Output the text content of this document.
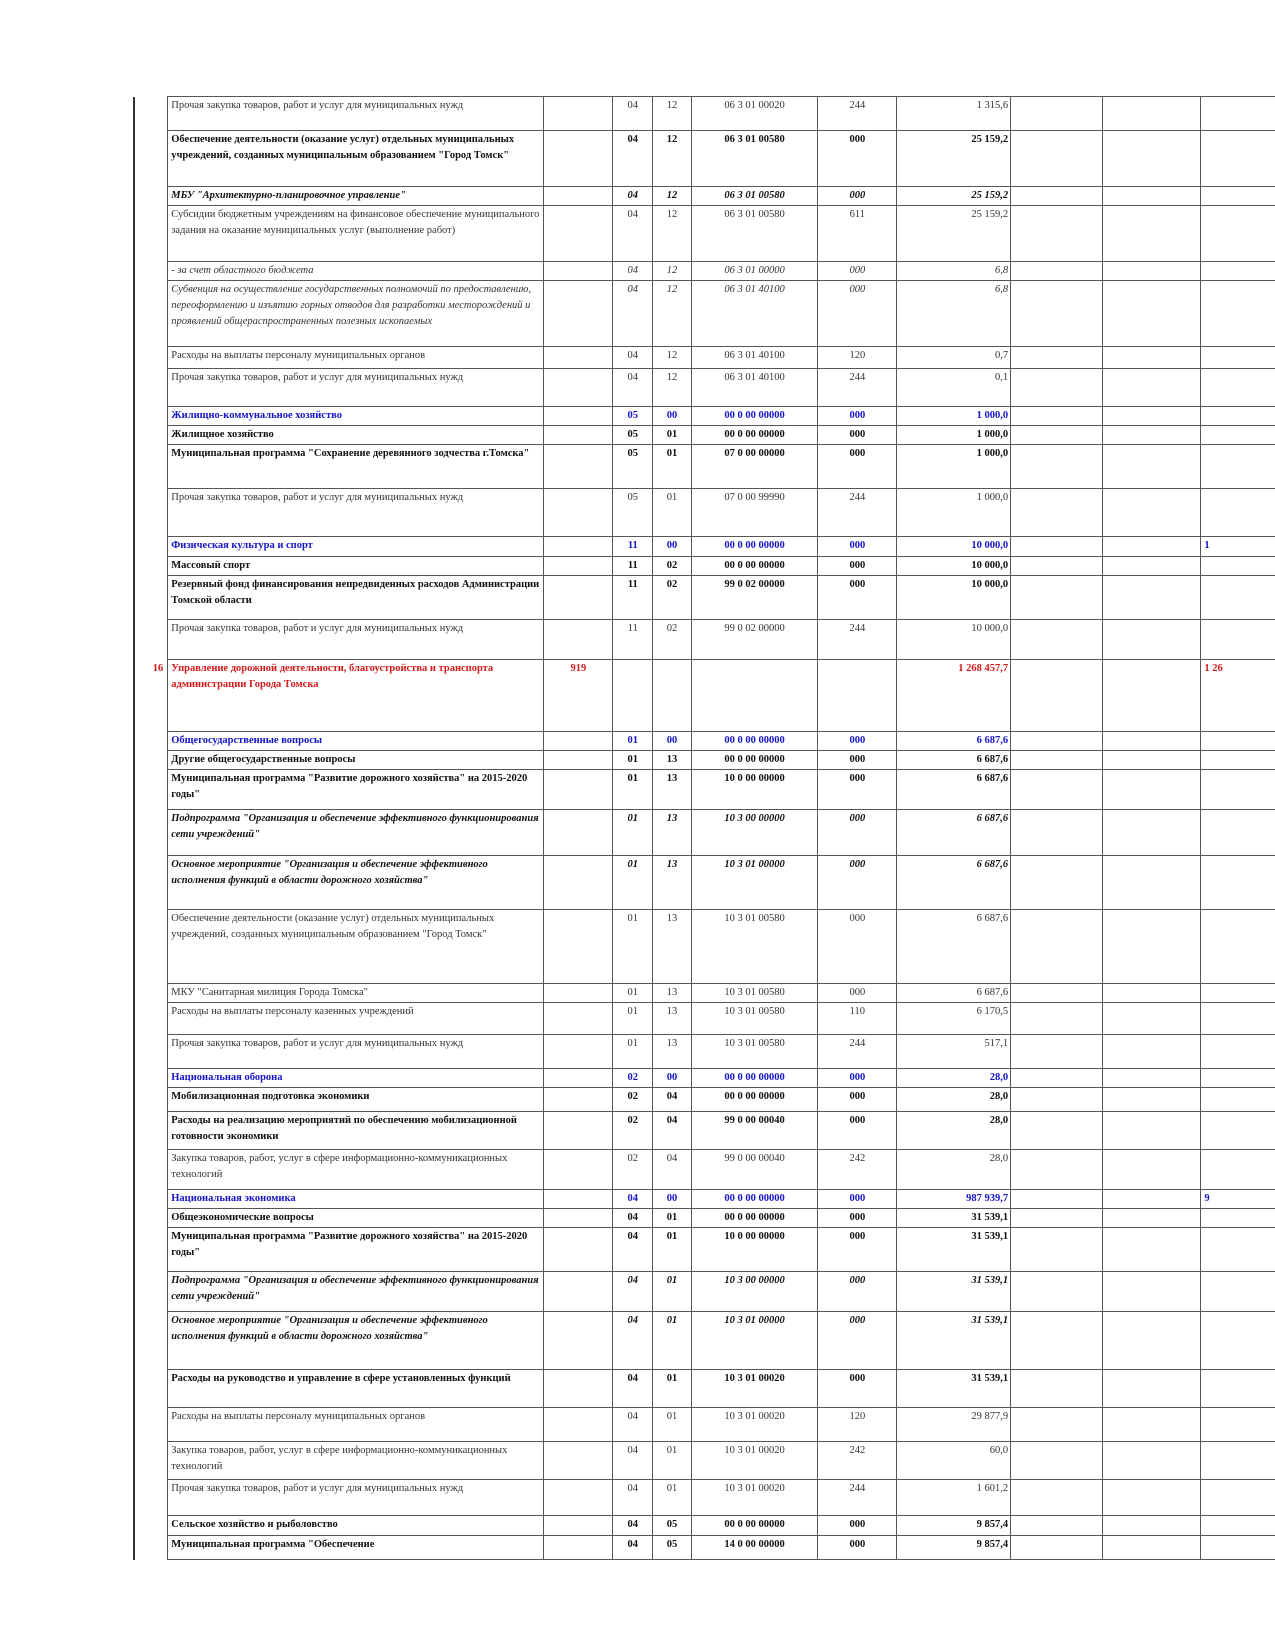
	Прочая закупка товаров, работ и услуг для муниципальных нужд		04	12	06 3 01 00020	244	1 315,6			
	Обеспечение деятельности (оказание услуг) отдельных муниципальных учреждений, созданных муниципальным образованием "Город Томск"		04	12	06 3 01 00580	000	25 159,2			
	МБУ "Архитектурно-планировочное управление"		04	12	06 3 01 00580	000	25 159,2			
	Субсидии бюджетным учреждениям на финансовое обеспечение муниципального задания на оказание муниципальных услуг (выполнение работ)		04	12	06 3 01 00580	611	25 159,2			
	- за счет областного бюджета		04	12	06 3 01 00000	000	6,8			
	Субвенция на осуществление государственных полномочий по предоставлению, переоформлению и изъятию горных отводов для разработки месторождений и проявлений общераспространенных полезных ископаемых		04	12	06 3 01 40100	000	6,8			
	Расходы на выплаты персоналу муниципальных органов		04	12	06 3 01 40100	120	0,7			
	Прочая закупка товаров, работ и услуг для муниципальных нужд		04	12	06 3 01 40100	244	0,1			
	Жилищно-коммунальное хозяйство		05	00	00 0 00 00000	000	1 000,0			
	Жилищное хозяйство		05	01	00 0 00 00000	000	1 000,0			
	Муниципальная программа "Сохранение деревянного зодчества г.Томска"		05	01	07 0 00 00000	000	1 000,0			
	Прочая закупка товаров, работ и услуг для муниципальных нужд		05	01	07 0 00 99990	244	1 000,0			
	Физическая культура и спорт		11	00	00 0 00 00000	000	10 000,0			1
	Массовый спорт		11	02	00 0 00 00000	000	10 000,0			
	Резервный фонд финансирования непредвиденных расходов Администрации Томской области		11	02	99 0 02 00000	000	10 000,0			
	Прочая закупка товаров, работ и услуг для муниципальных нужд		11	02	99 0 02 00000	244	10 000,0			
16	Управление дорожной деятельности, благоустройства и транспорта администрации Города Томска	919					1 268 457,7			1 26
	Общегосударственные вопросы		01	00	00 0 00 00000	000	6 687,6			
	Другие общегосударственные вопросы		01	13	00 0 00 00000	000	6 687,6			
	Муниципальная программа "Развитие дорожного хозяйства" на 2015-2020 годы"		01	13	10 0 00 00000	000	6 687,6			
	Подпрограмма "Организация и обеспечение эффективного функционирования сети учреждений"		01	13	10 3 00 00000	000	6 687,6			
	Основное мероприятие "Организация и обеспечение эффективного исполнения функций в области дорожного хозяйства"		01	13	10 3 01 00000	000	6 687,6			
	Обеспечение деятельности (оказание услуг) отдельных муниципальных учреждений, созданных муниципальным образованием "Город Томск"		01	13	10 3 01 00580	000	6 687,6			
	МКУ "Санитарная милиция Города Томска"		01	13	10 3 01 00580	000	6 687,6			
	Расходы на выплаты персоналу казенных учреждений		01	13	10 3 01 00580	110	6 170,5			
	Прочая закупка товаров, работ и услуг для муниципальных нужд		01	13	10 3 01 00580	244	517,1			
	Национальная оборона		02	00	00 0 00 00000	000	28,0			
	Мобилизационная подготовка экономики		02	04	00 0 00 00000	000	28,0			
	Расходы на реализацию мероприятий по обеспечению мобилизационной готовности экономики		02	04	99 0 00 00040	000	28,0			
	Закупка товаров, работ, услуг в сфере информационно-коммуникационных технологий		02	04	99 0 00 00040	242	28,0			
	Национальная экономика		04	00	00 0 00 00000	000	987 939,7			9
	Общеэкономические вопросы		04	01	00 0 00 00000	000	31 539,1			
	Муниципальная программа "Развитие дорожного хозяйства" на 2015-2020 годы"		04	01	10 0 00 00000	000	31 539,1			
	Подпрограмма "Организация и обеспечение эффективного функционирования сети учреждений"		04	01	10 3 00 00000	000	31 539,1			
	Основное мероприятие "Организация и обеспечение эффективного исполнения функций в области дорожного хозяйства"		04	01	10 3 01 00000	000	31 539,1			
	Расходы на руководство и управление в сфере установленных функций		04	01	10 3 01 00020	000	31 539,1			
	Расходы на выплаты персоналу муниципальных органов		04	01	10 3 01 00020	120	29 877,9			
	Закупка товаров, работ, услуг в сфере информационно-коммуникационных технологий		04	01	10 3 01 00020	242	60,0			
	Прочая закупка товаров, работ и услуг для муниципальных нужд		04	01	10 3 01 00020	244	1 601,2			
	Сельское хозяйство и рыболовство		04	05	00 0 00 00000	000	9 857,4			
	Муниципальная программа "Обеспечение		04	05	14 0 00 00000	000	9 857,4			
